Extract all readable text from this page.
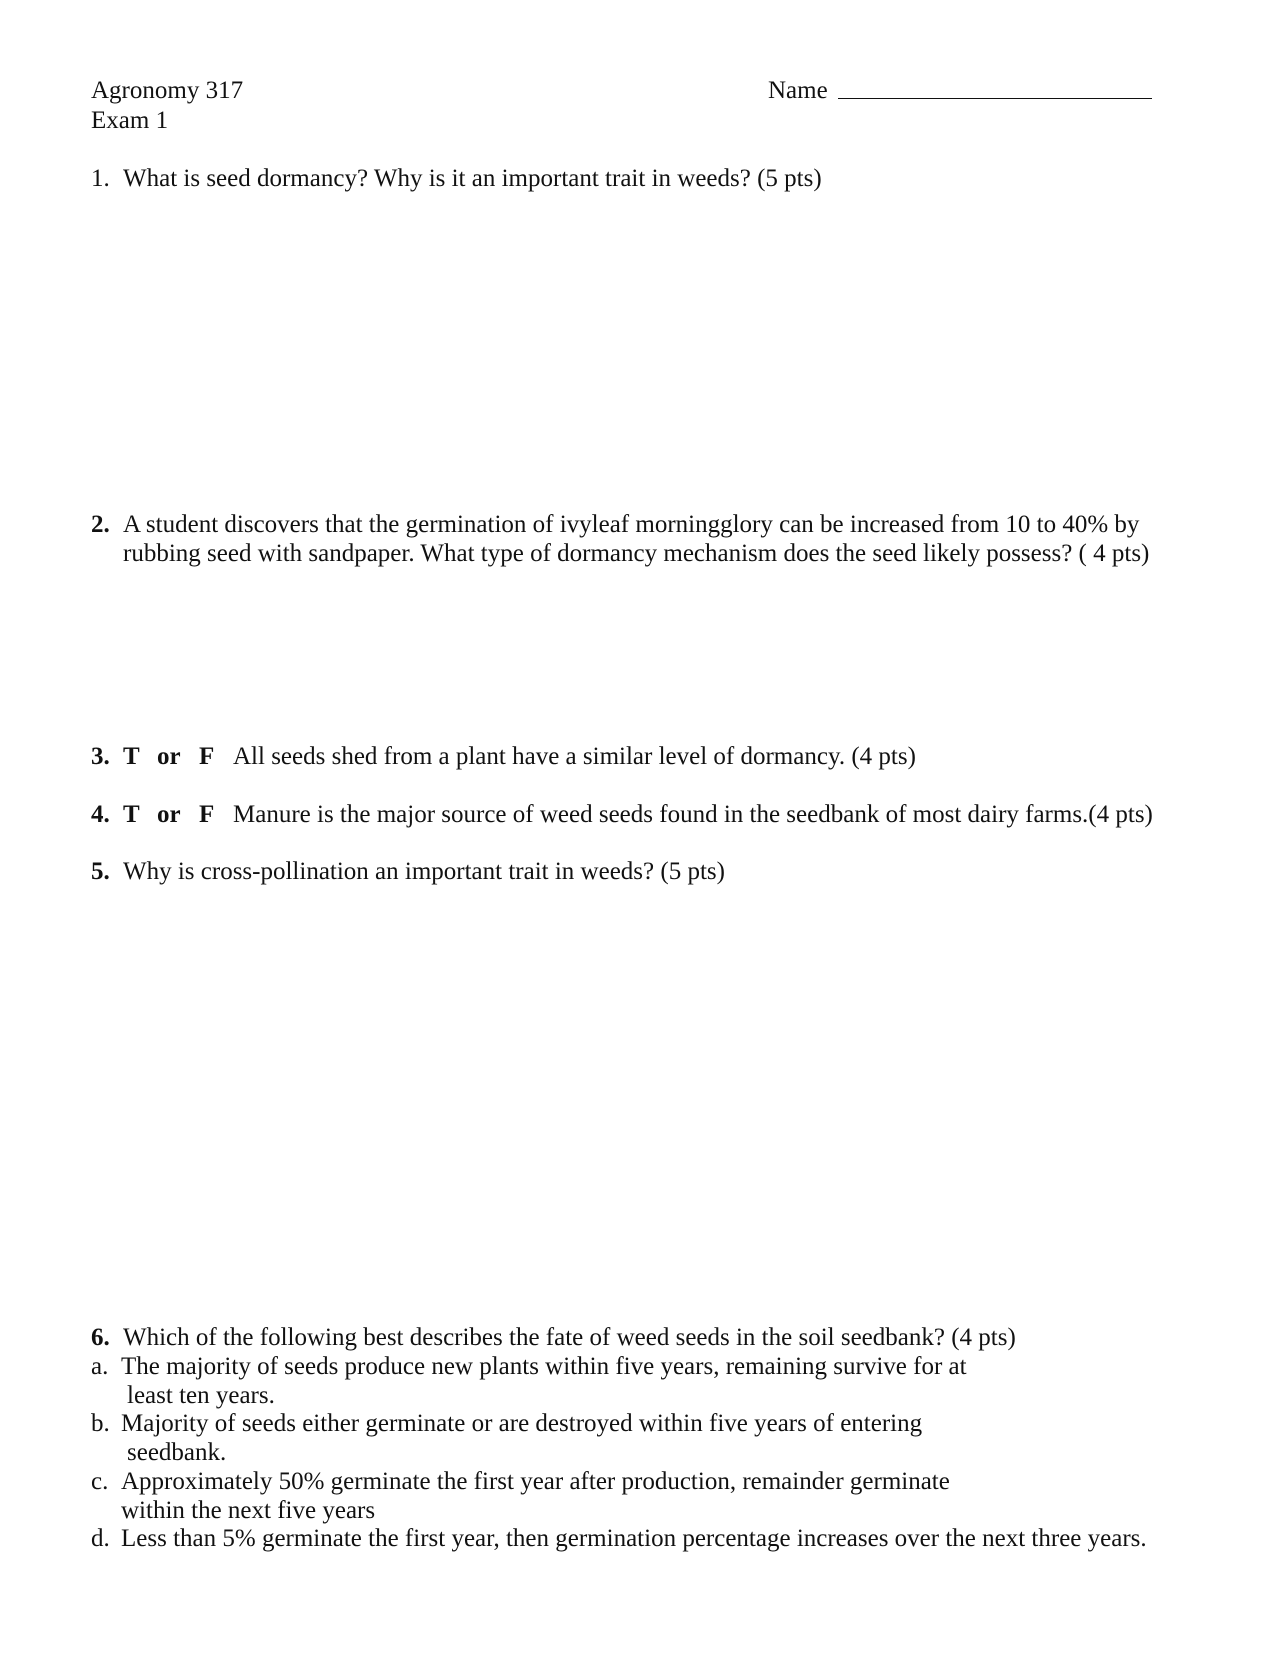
Agronomy 317
Exam 1
Name
1. What is seed dormancy? Why is it an important trait in weeds? (5 pts)
2. A student discovers that the germination of ivyleaf morningglory can be increased from 10 to 40% by
rubbing seed with sandpaper. What type of dormancy mechanism does the seed likely possess? ( 4 pts)
3. T or F All seeds shed from a plant have a similar level of dormancy. (4 pts)
4. T or F Manure is the major source of weed seeds found in the seedbank of most dairy farms.(4 pts)
5. Why is cross-pollination an important trait in weeds? (5 pts)
6. Which of the following best describes the fate of weed seeds in the soil seedbank? (4 pts)
a. The majority of seeds produce new plants within five years, remaining survive for at
least ten years.
b. Majority of seeds either germinate or are destroyed within five years of entering
seedbank.
c. Approximately 50% germinate the first year after production, remainder germinate
within the next five years
d. Less than 5% germinate the first year, then germination percentage increases over the next three years.
